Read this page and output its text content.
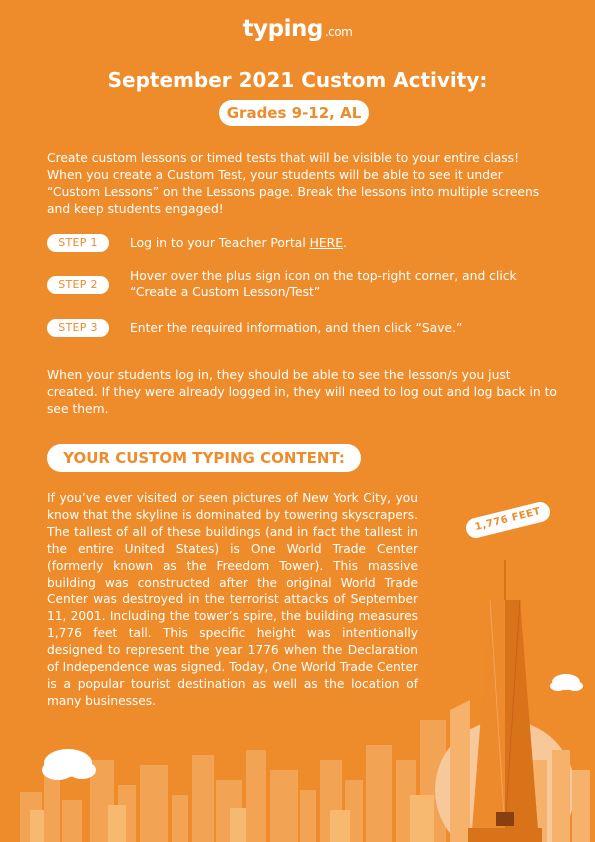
typing .com
September 2021 Custom Activity:
Grades 9-12, AL

Create custom lessons or timed tests that will be visible to your entire class! When you create a Custom Test, your students will be able to see it under “Custom Lessons” on the Lessons page. Break the lessons into multiple screens and keep students engaged!

STEP 1	Log in to your Teacher Portal HERE.
STEP 2
Hover over the plus sign icon on the top-right corner, and click “Create a Custom Lesson/Test”
STEP 3	Enter the required information, and then click “Save.”

When your students log in, they should be able to see the lesson/s you just created. If they were already logged in, they will need to log out and log back in to see them.

YOUR CUSTOM TYPING CONTENT:

If you’ve ever visited or seen pictures of New York City, you know that the skyline is dominated by towering skyscrapers. The tallest of all of these buildings (and in fact the tallest in the entire United States) is One World Trade Center (formerly known as the Freedom Tower). This massive building was constructed after the original World Trade Center was destroyed in the terrorist attacks of September 11, 2001. Including the tower’s spire, the building measures 1,776 feet tall. This specific height was intentionally designed to represent the year 1776 when the Declaration of Independence was signed. Today, One World Trade Center is a popular tourist destination as well as the location of many businesses.

1,776 FEET
